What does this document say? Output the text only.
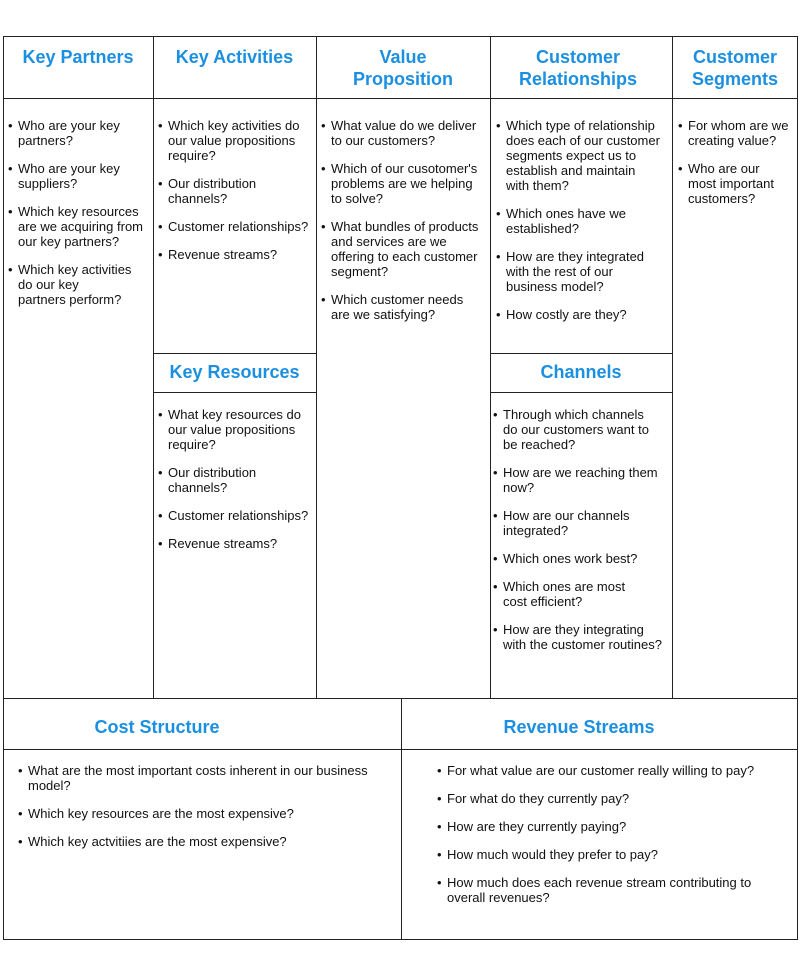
Key Partners
• Who are your key
partners?
• Who are your key
suppliers?
• Which key resources
are we acquiring from
our key partners?
• Which key activities
do our key
partners perform?
Key Activities
• Which key activities do
our value propositions
require?
• Our distribution
channels?
• Customer relationships?
• Revenue streams?
Key Resources
• What key resources do
our value propositions
require?
• Our distribution
channels?
• Customer relationships?
• Revenue streams?
Value
Proposition
• What value do we deliver
to our customers?
• Which of our cusotomer's
problems are we helping
to solve?
• What bundles of products
and services are we
offering to each customer
segment?
• Which customer needs
are we satisfying?
Customer
Relationships
• Which type of relationship
does each of our customer
segments expect us to
establish and maintain
with them?
• Which ones have we
established?
• How are they integrated
with the rest of our
business model?
• How costly are they?
Channels
• Through which channels
do our customers want to
be reached?
• How are we reaching them
now?
• How are our channels
integrated?
• Which ones work best?
• Which ones are most
cost efficient?
• How are they integrating
with the customer routines?
Customer
Segments
• For whom are we
creating value?
• Who are our
most important
customers?
Cost Structure
• What are the most important costs inherent in our business
model?
• Which key resources are the most expensive?
• Which key actvitiies are the most expensive?
Revenue Streams
• For what value are our customer really willing to pay?
• For what do they currently pay?
• How are they currently paying?
• How much would they prefer to pay?
• How much does each revenue stream contributing to
overall revenues?
